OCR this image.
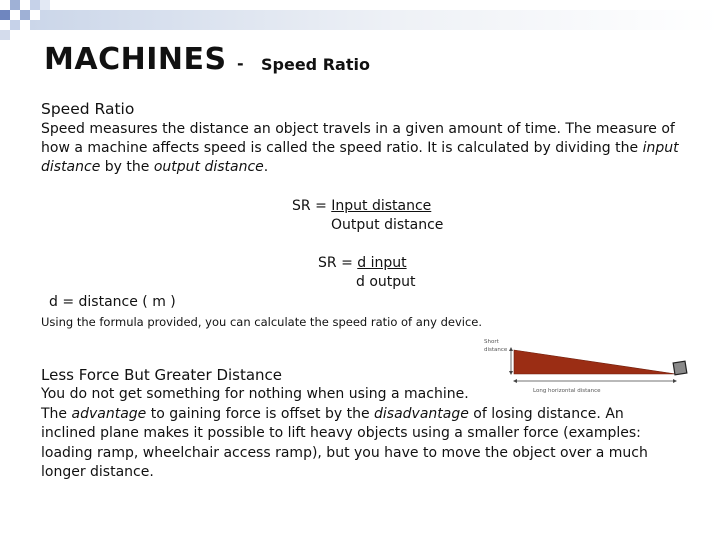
MACHINES - Speed Ratio
Speed Ratio
Speed measures the distance an object travels in a given amount of time. The measure of how a machine affects speed is called the speed ratio. It is calculated by dividing the input distance by the output distance.
SR = Input distance
Output distance
SR = d input
d output
d = distance ( m )
Using the formula provided, you can calculate the speed ratio of any device.
Short
distance
Long horizontal distance
Less Force But Greater Distance
You do not get something for nothing when using a machine.
The advantage to gaining force is offset by the disadvantage of losing distance. An inclined plane makes it possible to lift heavy objects using a smaller force (examples: loading ramp, wheelchair access ramp), but you have to move the object over a much longer distance.
